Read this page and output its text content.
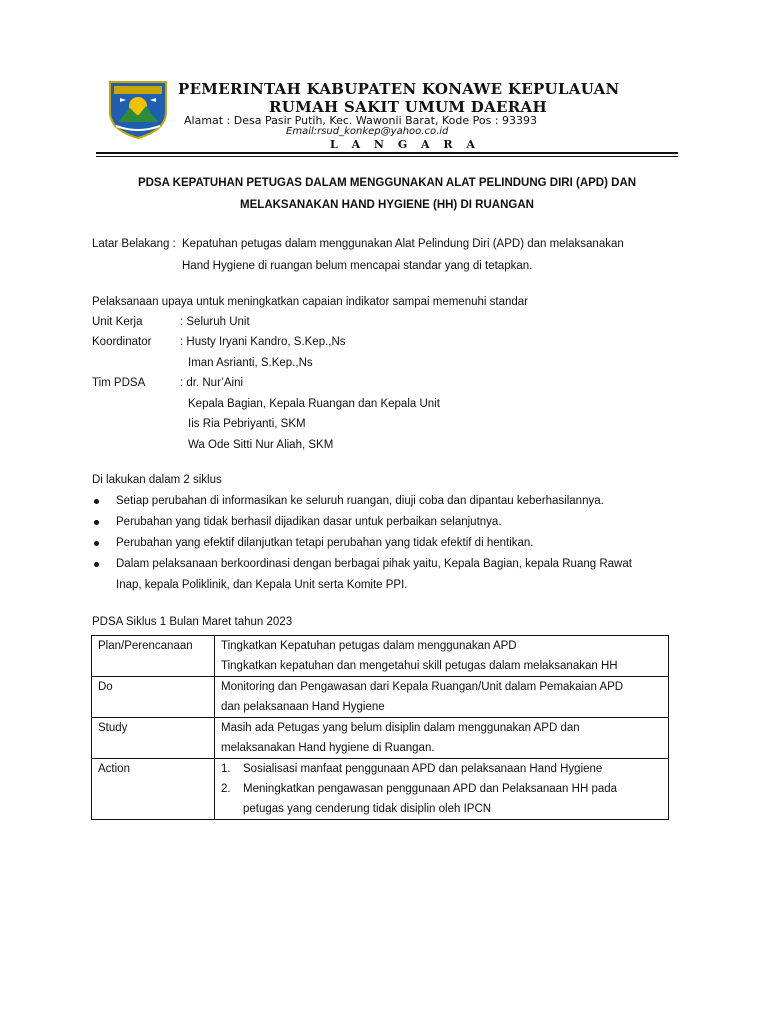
PEMERINTAH KABUPATEN KONAWE KEPULAUAN
RUMAH SAKIT UMUM DAERAH
Alamat : Desa Pasir Putih, Kec. Wawonii Barat, Kode Pos : 93393
Email:rsud_konkep@yahoo.co.id
L A N G A R A
PDSA KEPATUHAN PETUGAS DALAM MENGGUNAKAN ALAT PELINDUNG DIRI (APD) DAN
MELAKSANAKAN HAND HYGIENE (HH) DI RUANGAN
Latar Belakang : Kepatuhan petugas dalam menggunakan Alat Pelindung Diri (APD) dan melaksanakan
Hand Hygiene di ruangan belum mencapai standar yang di tetapkan.
Pelaksanaan upaya untuk meningkatkan capaian indikator sampai memenuhi standar
Unit Kerja	: Seluruh Unit
Koordinator : Husty Iryani Kandro, S.Kep.,Ns
Iman Asrianti, S.Kep.,Ns
Tim PDSA	: dr. Nur’Aini
Kepala Bagian, Kepala Ruangan dan Kepala Unit
Iis Ria Pebriyanti, SKM
Wa Ode Sitti Nur Aliah, SKM
Di lakukan dalam 2 siklus
Setiap perubahan di informasikan ke seluruh ruangan, diuji coba dan dipantau keberhasilannya.
Perubahan yang tidak berhasil dijadikan dasar untuk perbaikan selanjutnya.
Perubahan yang efektif dilanjutkan tetapi perubahan yang tidak efektif di hentikan.
Dalam pelaksanaan berkoordinasi dengan berbagai pihak yaitu, Kepala Bagian, kepala Ruang Rawat
Inap, kepala Poliklinik, dan Kepala Unit serta Komite PPI.
PDSA Siklus 1 Bulan Maret tahun 2023
Plan/Perencanaan	Tingkatkan Kepatuhan petugas dalam menggunakan APD
Tingkatkan kepatuhan dan mengetahui skill petugas dalam melaksanakan HH

Do	Monitoring dan Pengawasan dari Kepala Ruangan/Unit dalam Pemakaian APD
dan pelaksanaan Hand Hygiene

Study	Masih ada Petugas yang belum disiplin dalam menggunakan APD dan
melaksanakan Hand hygiene di Ruangan.

Action	1. Sosialisasi manfaat penggunaan APD dan pelaksanaan Hand Hygiene
2. Meningkatkan pengawasan penggunaan APD dan Pelaksanaan HH pada
petugas yang cenderung tidak disiplin oleh IPCN
